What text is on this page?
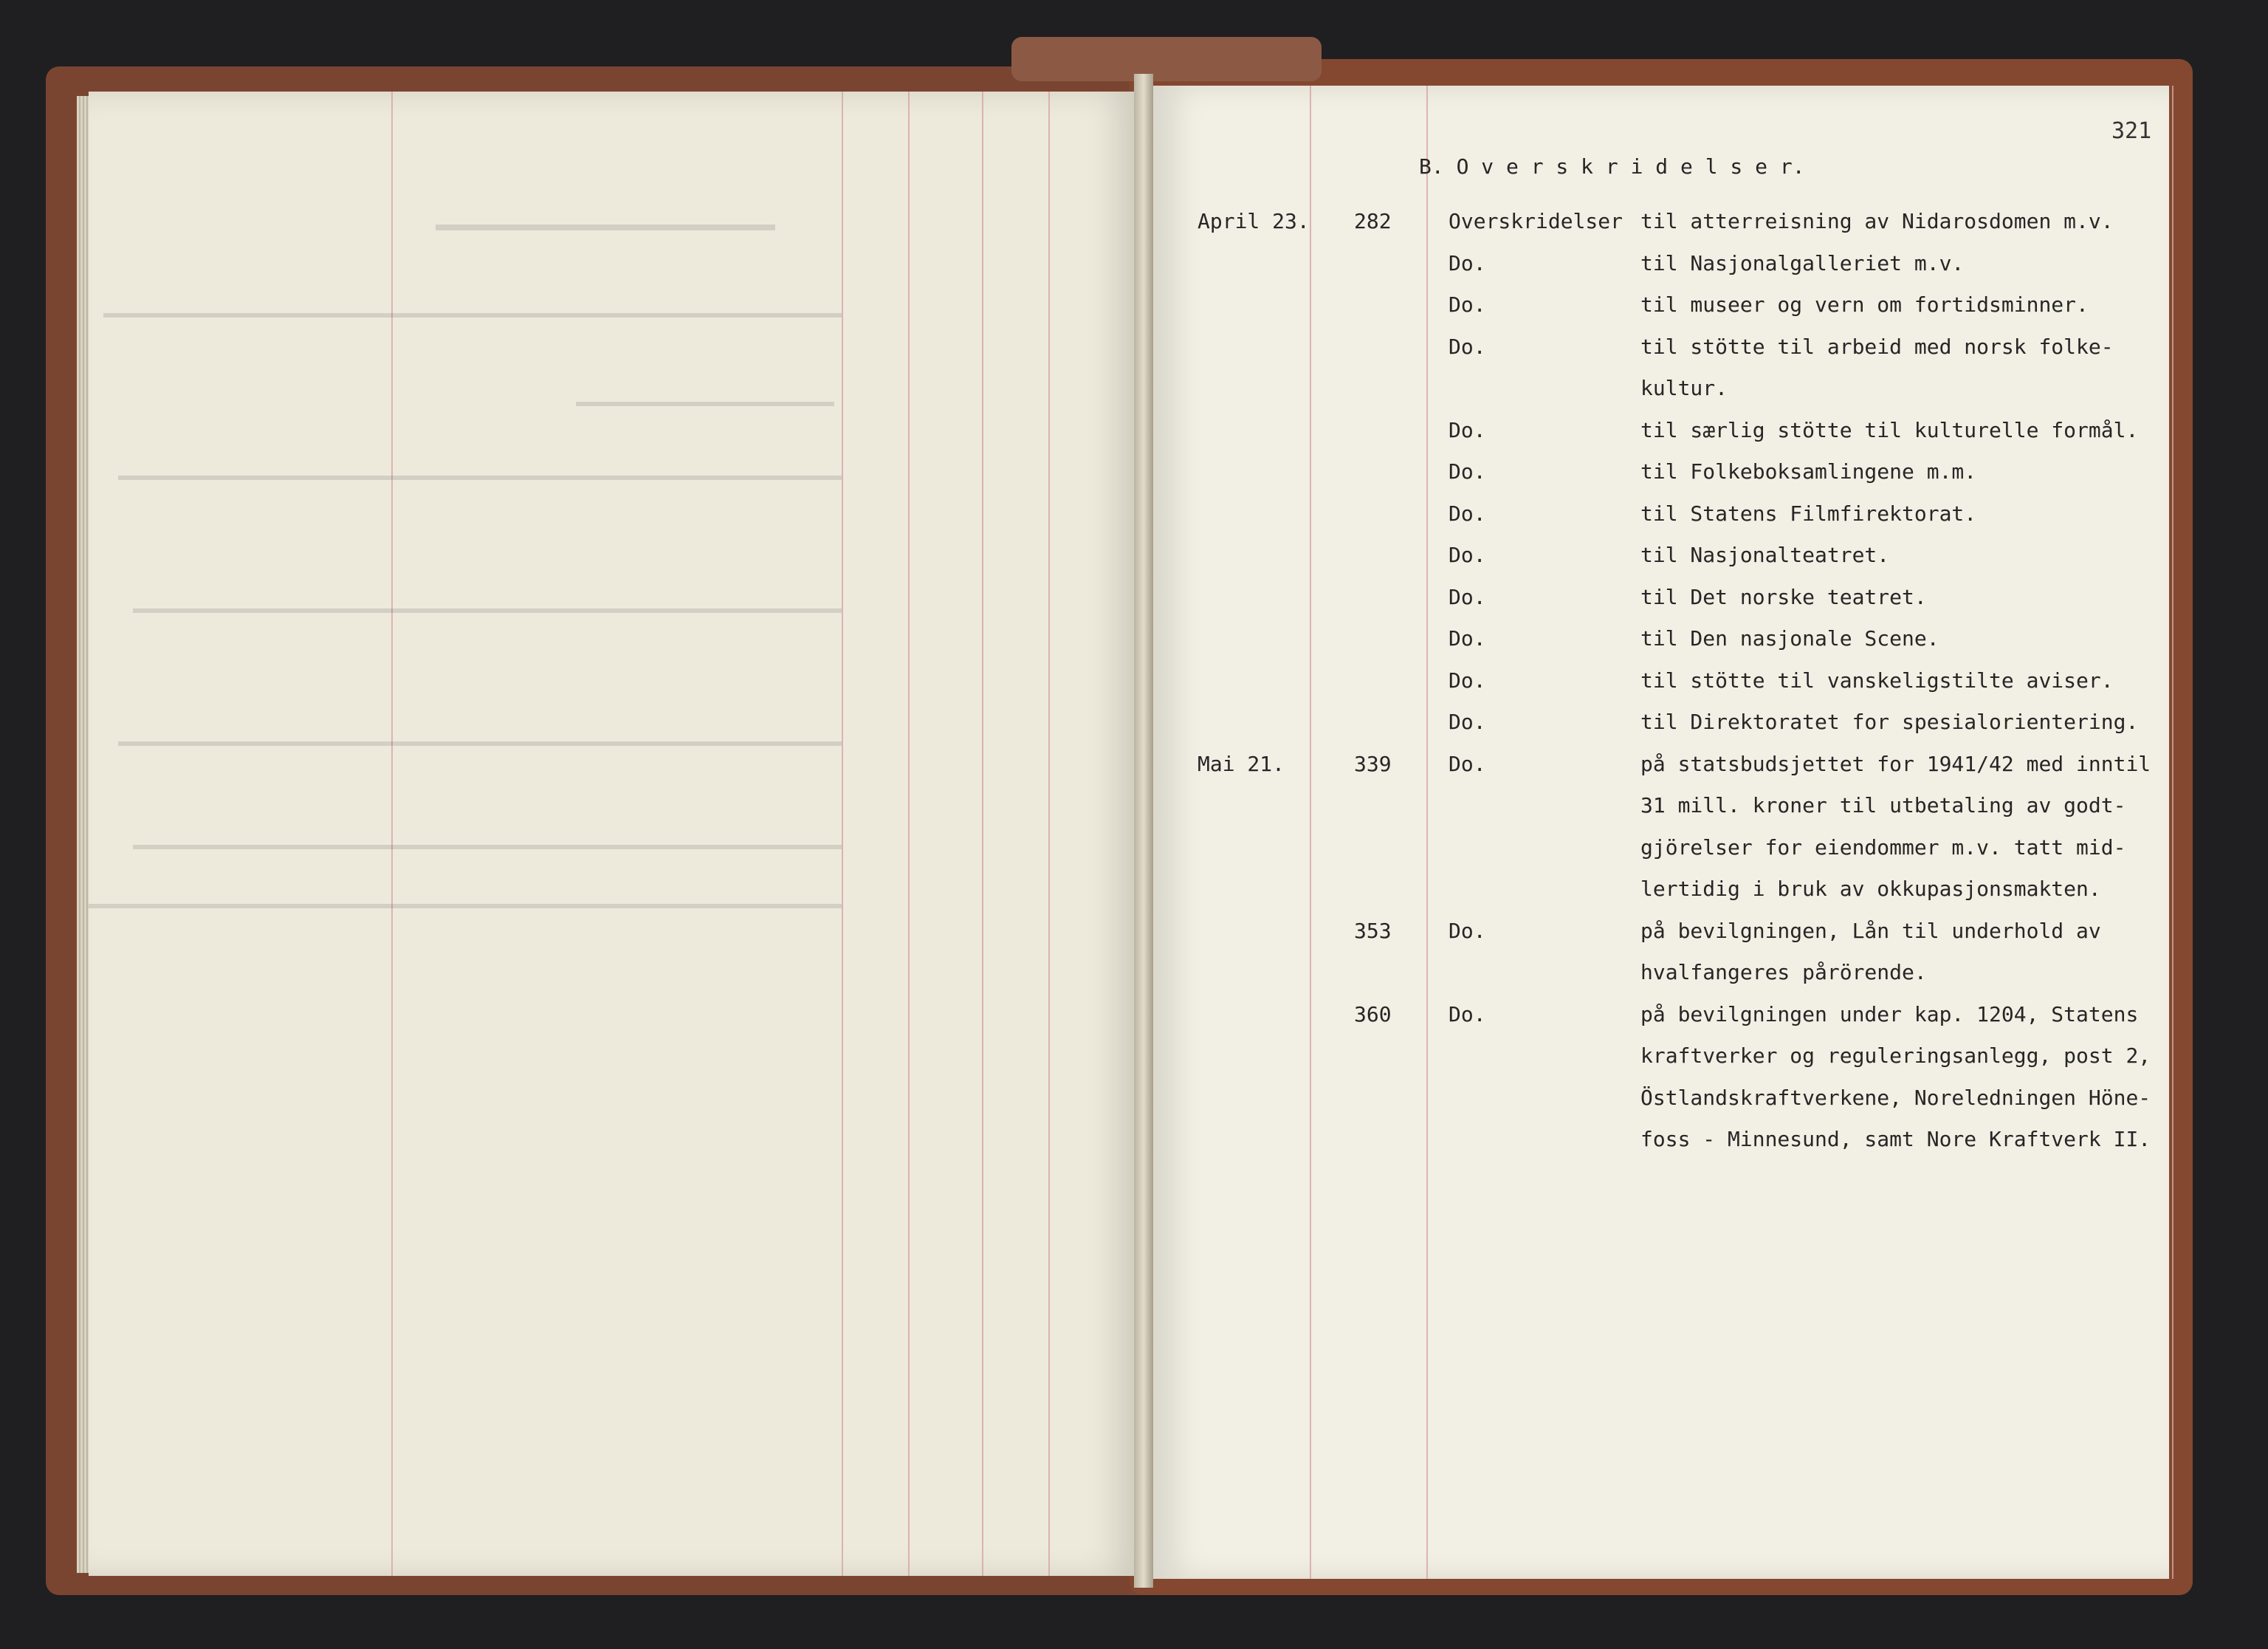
321
B. O v e r s k r i d e l s e r.
April 23. 282	Overskridelser til atterreisning av Nidarosdomen m.v.
Do.	til Nasjonalgalleriet m.v.
Do.	til museer og vern om fortidsminner.
Do.	til stötte til arbeid med norsk folke-
kultur.
Do.	til særlig stötte til kulturelle formål.
Do.	til Folkeboksamlingene m.m.
Do.	til Statens Filmfirektorat.
Do.	til Nasjonalteatret.
Do.	til Det norske teatret.
Do.	til Den nasjonale Scene.
Do.	til stötte til vanskeligstilte aviser.
Do.	til Direktoratet for spesialorientering.
Mai 21.	339	Do.	på statsbudsjettet for 1941/42 med inntil
31 mill. kroner til utbetaling av godt-
gjörelser for eiendommer m.v. tatt mid-
lertidig i bruk av okkupasjonsmakten.
353	Do.	på bevilgningen, Lån til underhold av
hvalfangeres pårörende.
360	Do.	på bevilgningen under kap. 1204, Statens
kraftverker og reguleringsanlegg, post 2,
Östlandskraftverkene, Noreledningen Höne-
foss - Minnesund, samt Nore Kraftverk II.
